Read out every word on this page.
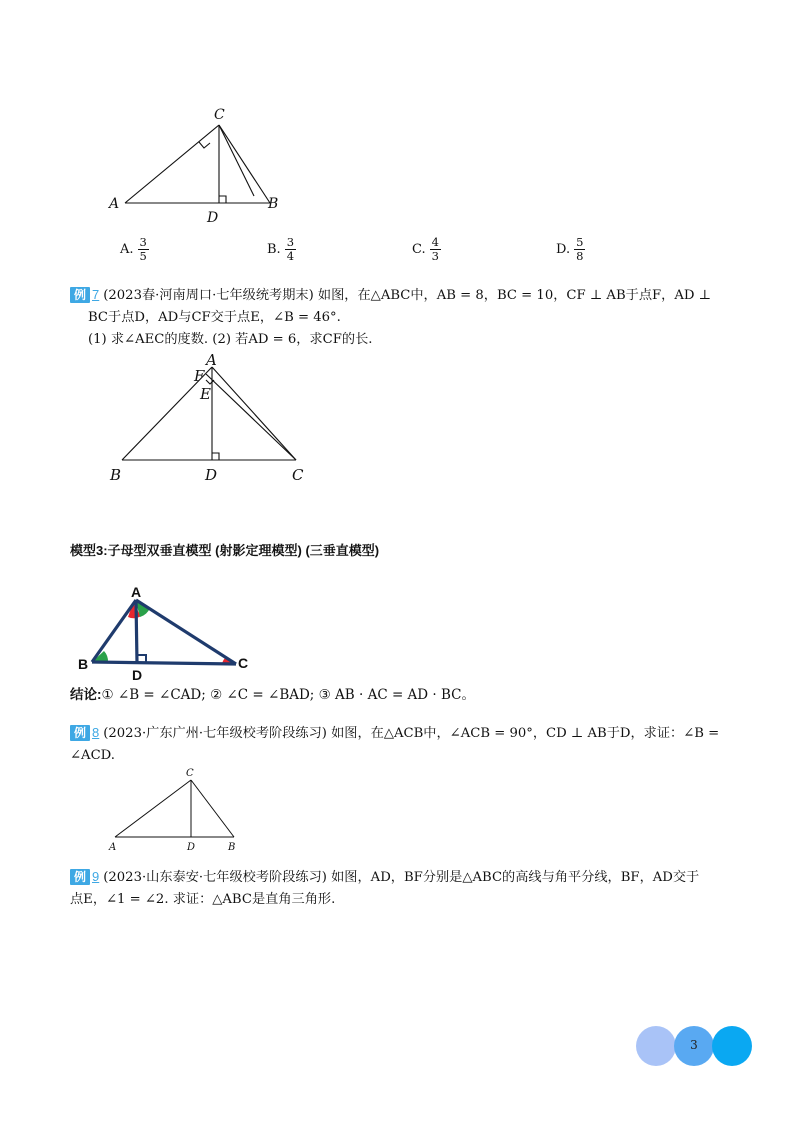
C
A
D
B
A. $\frac{3}{5}$	B. $\frac{3}{4}$	C. $\frac{4}{3}$	D. $\frac{5}{8}$
例 7 (2023春·河南周口·七年级统考期末) 如图，在△ABC中，AB = 8，BC = 10，CF ⊥ AB于点F，AD ⊥
BC于点D，AD与CF交于点E，∠B = 46°.
(1) 求∠AEC的度数. (2) 若AD = 6，求CF的长.
A
F
E
B	D	C
模型3:子母型双垂直模型 (射影定理模型) (三垂直模型)
A
B
D
C
结论:① ∠B = ∠CAD; ② ∠C = ∠BAD; ③ AB · AC = AD · BC。
例 8 (2023·广东广州·七年级校考阶段练习) 如图，在△ACB中，∠ACB = 90°，CD ⊥ AB于D，求证：∠B =
∠ACD.
C
A	D	B
例 9 (2023·山东泰安·七年级校考阶段练习) 如图，AD，BF分别是△ABC的高线与角平分线，BF，AD交于
点E，∠1 = ∠2. 求证：△ABC是直角三角形.
3
